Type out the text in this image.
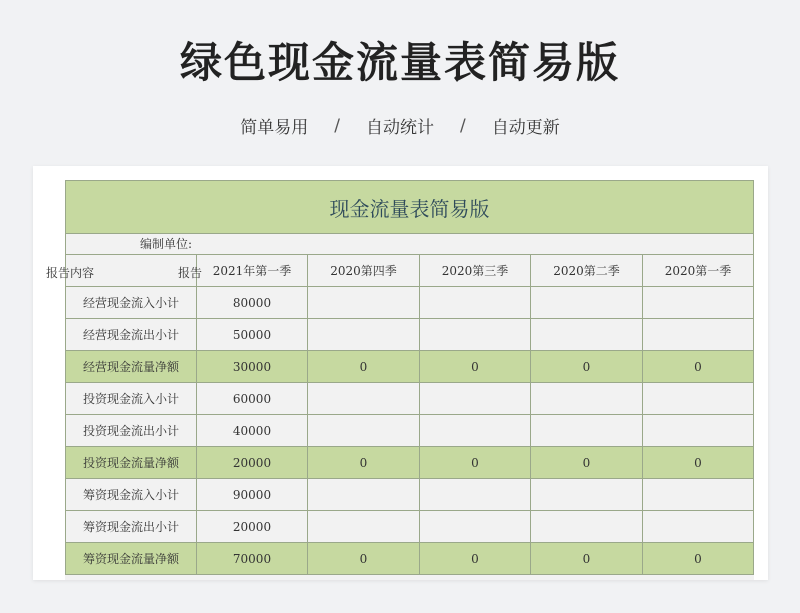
绿色现金流量表简易版
简单易用 / 自动统计 / 自动更新
现金流量表简易版
编制单位:
报告内容 报告	2021年第一季	2020第四季	2020第三季	2020第二季	2020第一季
经营现金流入小计	80000				
经营现金流出小计	50000				
经营现金流量净额	30000	0	0	0	0
投资现金流入小计	60000				
投资现金流出小计	40000				
投资现金流量净额	20000	0	0	0	0
筹资现金流入小计	90000				
筹资现金流出小计	20000				
筹资现金流量净额	70000	0	0	0	0
